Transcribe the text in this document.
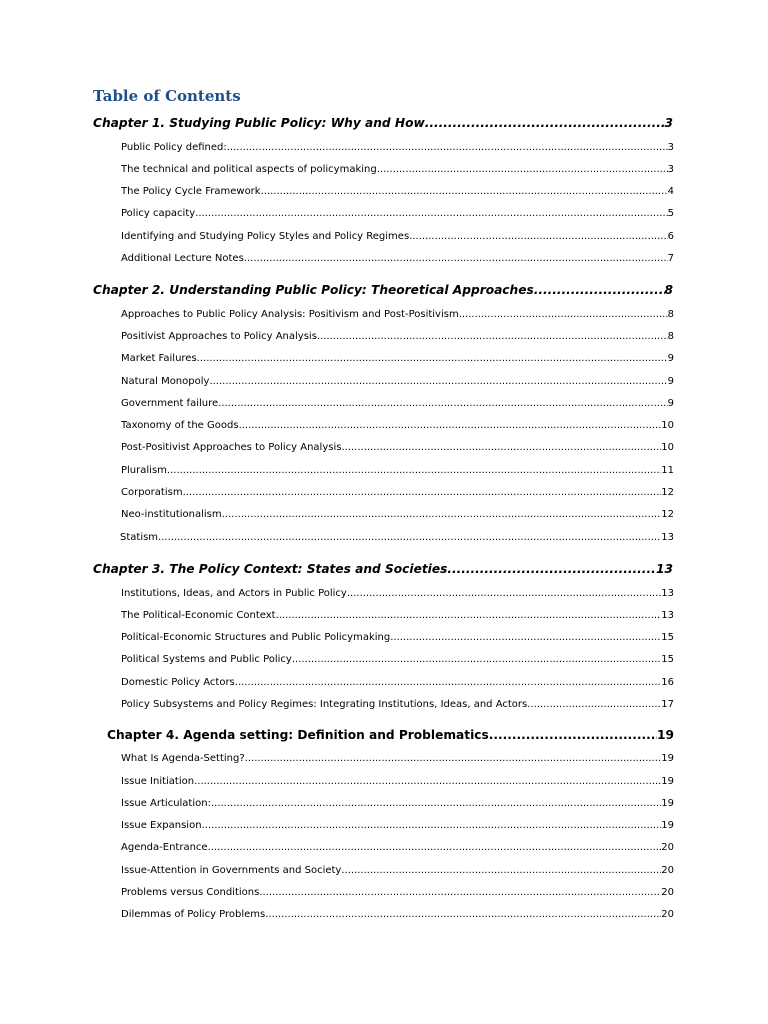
Table of Contents
Chapter 1. Studying Public Policy: Why and How .....	3
Public Policy defined: .....	3
The technical and political aspects of policymaking .....	3
The Policy Cycle Framework .....	4
Policy capacity .....	5
Identifying and Studying Policy Styles and Policy Regimes .....	6
Additional Lecture Notes .....	7
Chapter 2. Understanding Public Policy: Theoretical Approaches .....	8
Approaches to Public Policy Analysis: Positivism and Post-Positivism .....	8
Positivist Approaches to Policy Analysis .....	8
Market Failures .....	9
Natural Monopoly .....	9
Government failure .....	9
Taxonomy of the Goods .....	10
Post-Positivist Approaches to Policy Analysis .....	10
Pluralism .....	11
Corporatism .....	12
Neo-institutionalism .....	12
Statism .....	13
Chapter 3. The Policy Context: States and Societies .....	13
Institutions, Ideas, and Actors in Public Policy .....	13
The Political-Economic Context .....	13
Political-Economic Structures and Public Policymaking .....	15
Political Systems and Public Policy .....	15
Domestic Policy Actors .....	16
Policy Subsystems and Policy Regimes: Integrating Institutions, Ideas, and Actors .....	17
Chapter 4. Agenda setting: Definition and Problematics .....	19
What Is Agenda-Setting? .....	19
Issue Initiation .....	19
Issue Articulation: .....	19
Issue Expansion .....	19
Agenda-Entrance .....	20
Issue-Attention in Governments and Society .....	20
Problems versus Conditions .....	20
Dilemmas of Policy Problems .....	20
